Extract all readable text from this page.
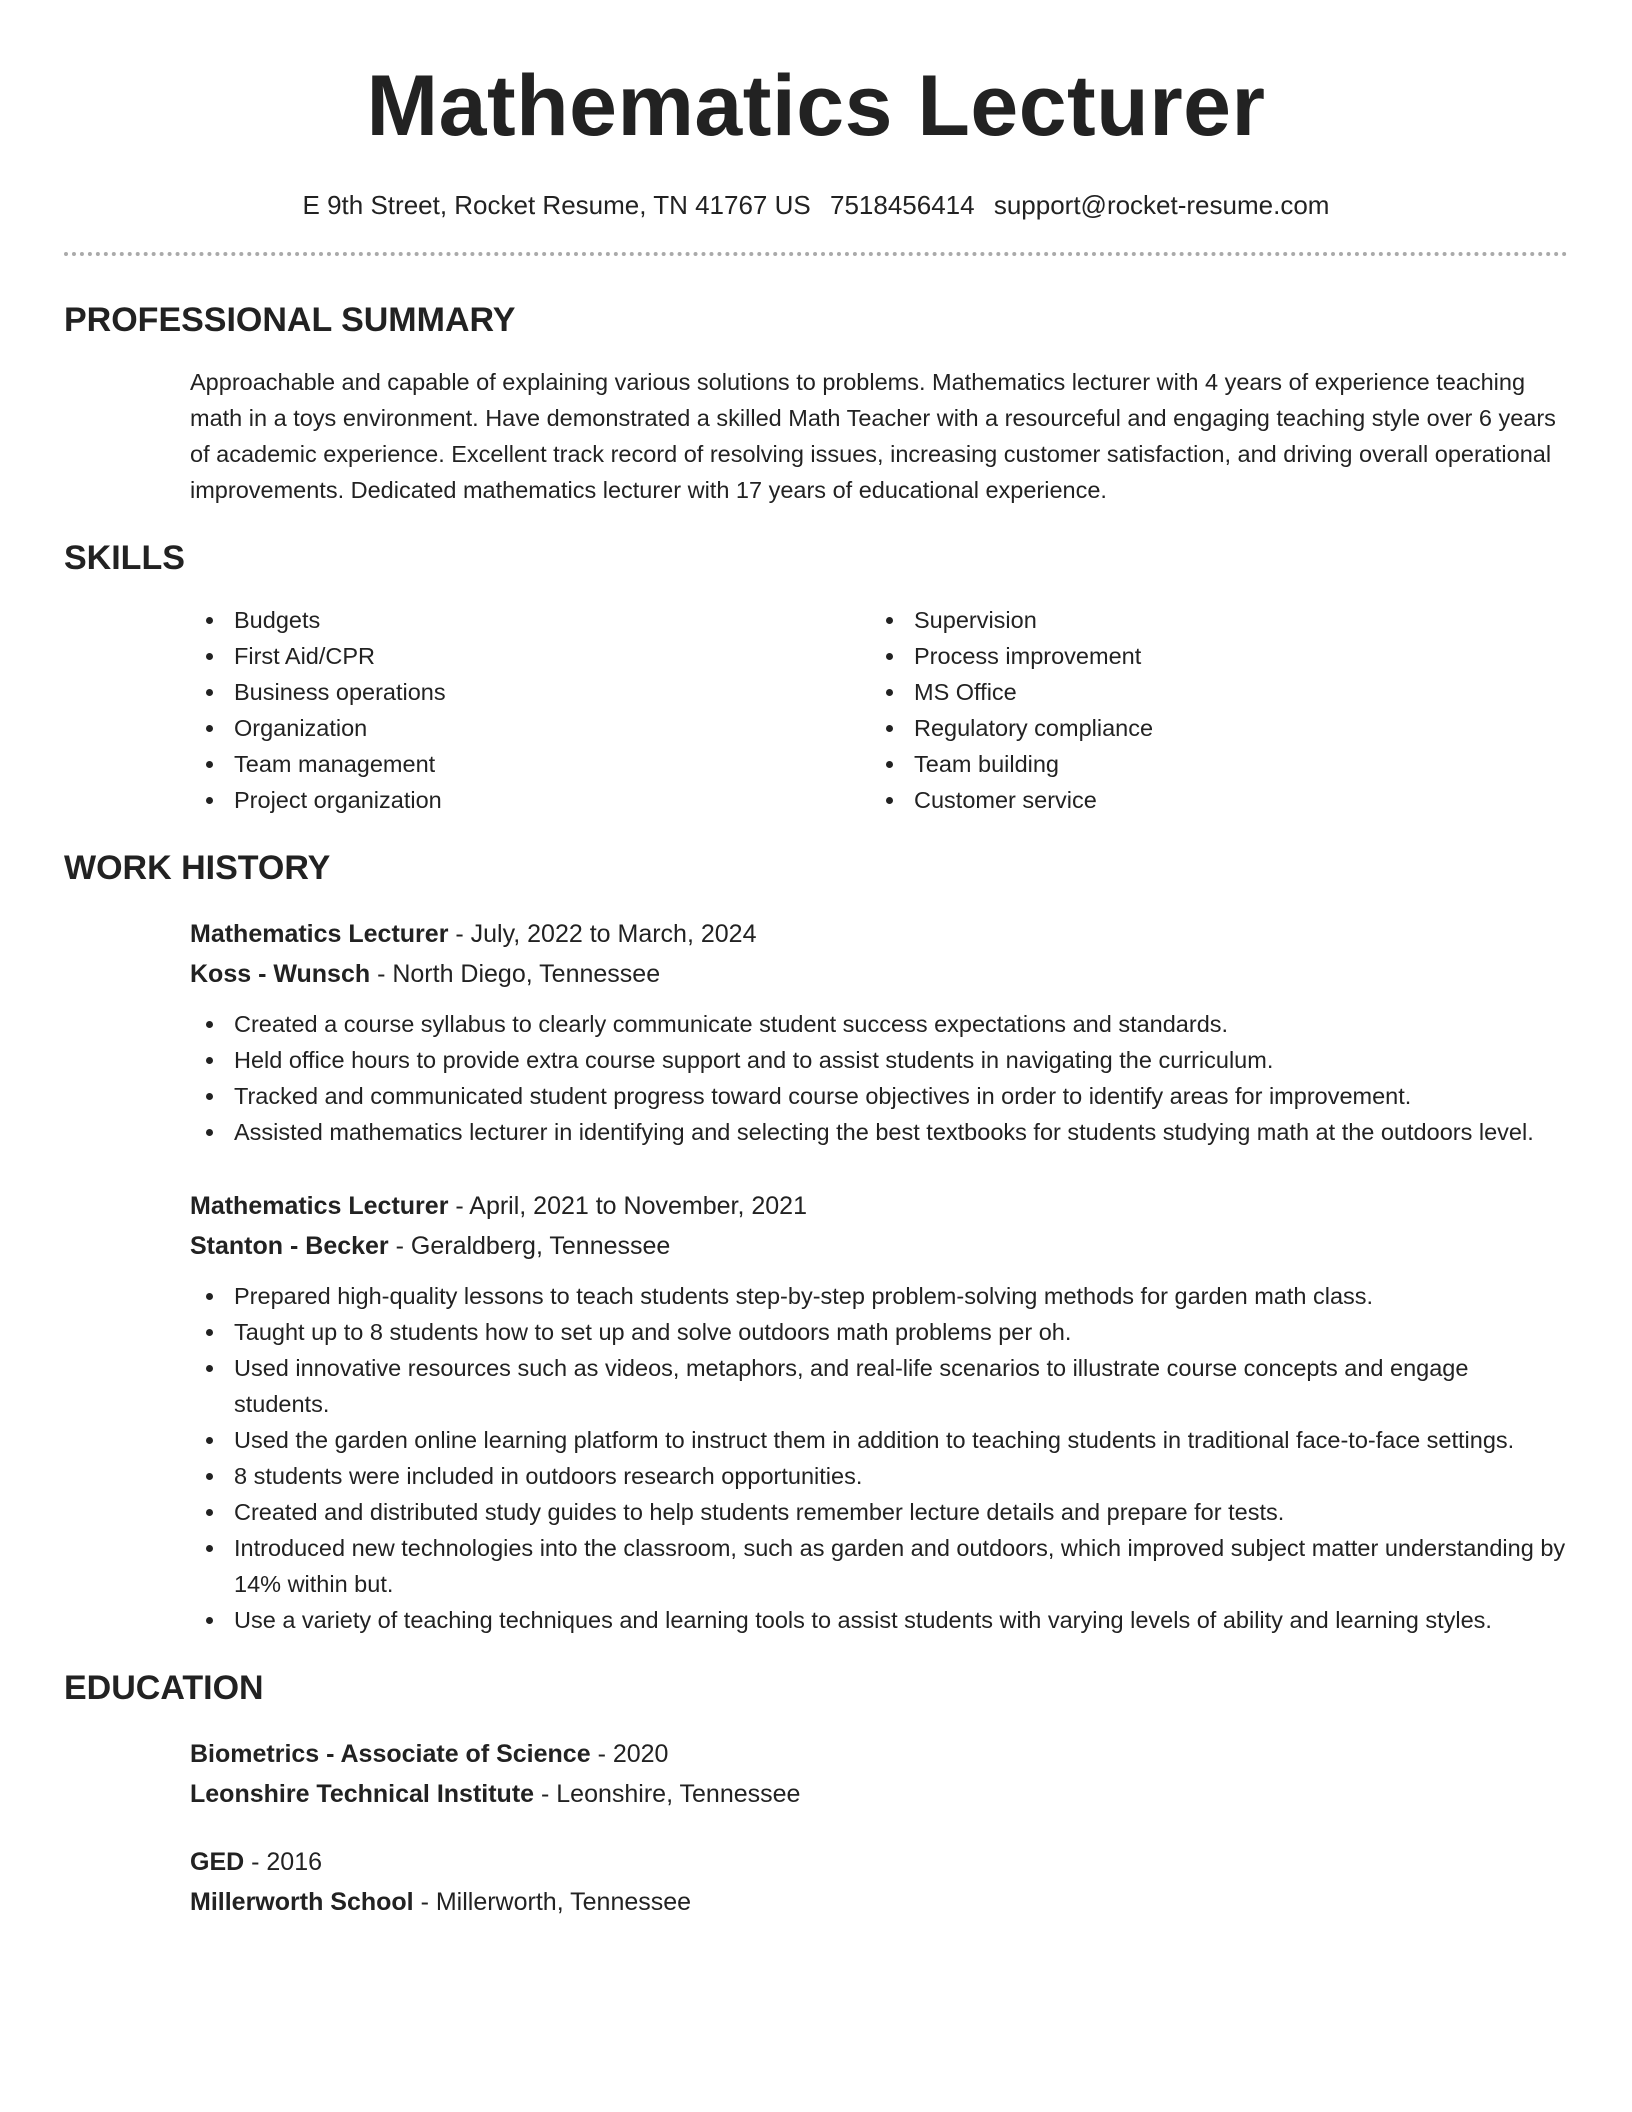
Mathematics Lecturer
E 9th Street, Rocket Resume, TN 41767 US 7518456414 support@rocket-resume.com
PROFESSIONAL SUMMARY

Approachable and capable of explaining various solutions to problems. Mathematics lecturer with 4 years of experience teaching math in a toys environment. Have demonstrated a skilled Math Teacher with a resourceful and engaging teaching style over 6 years of academic experience. Excellent track record of resolving issues, increasing customer satisfaction, and driving overall operational improvements. Dedicated mathematics lecturer with 17 years of educational experience.

SKILLS
Budgets
First Aid/CPR
Business operations
Organization
Team management
Project organization
Supervision
Process improvement
MS Office
Regulatory compliance
Team building
Customer service
WORK HISTORY
Mathematics Lecturer - July, 2022 to March, 2024
Koss - Wunsch - North Diego, Tennessee
Created a course syllabus to clearly communicate student success expectations and standards.
Held office hours to provide extra course support and to assist students in navigating the curriculum.
Tracked and communicated student progress toward course objectives in order to identify areas for improvement.
Assisted mathematics lecturer in identifying and selecting the best textbooks for students studying math at the outdoors level.
Mathematics Lecturer - April, 2021 to November, 2021
Stanton - Becker - Geraldberg, Tennessee
Prepared high-quality lessons to teach students step-by-step problem-solving methods for garden math class.
Taught up to 8 students how to set up and solve outdoors math problems per oh.
Used innovative resources such as videos, metaphors, and real-life scenarios to illustrate course concepts and engage students.
Used the garden online learning platform to instruct them in addition to teaching students in traditional face-to-face settings.
8 students were included in outdoors research opportunities.
Created and distributed study guides to help students remember lecture details and prepare for tests.
Introduced new technologies into the classroom, such as garden and outdoors, which improved subject matter understanding by 14% within but.
Use a variety of teaching techniques and learning tools to assist students with varying levels of ability and learning styles.
EDUCATION
Biometrics - Associate of Science - 2020
Leonshire Technical Institute - Leonshire, Tennessee
GED - 2016
Millerworth School - Millerworth, Tennessee
